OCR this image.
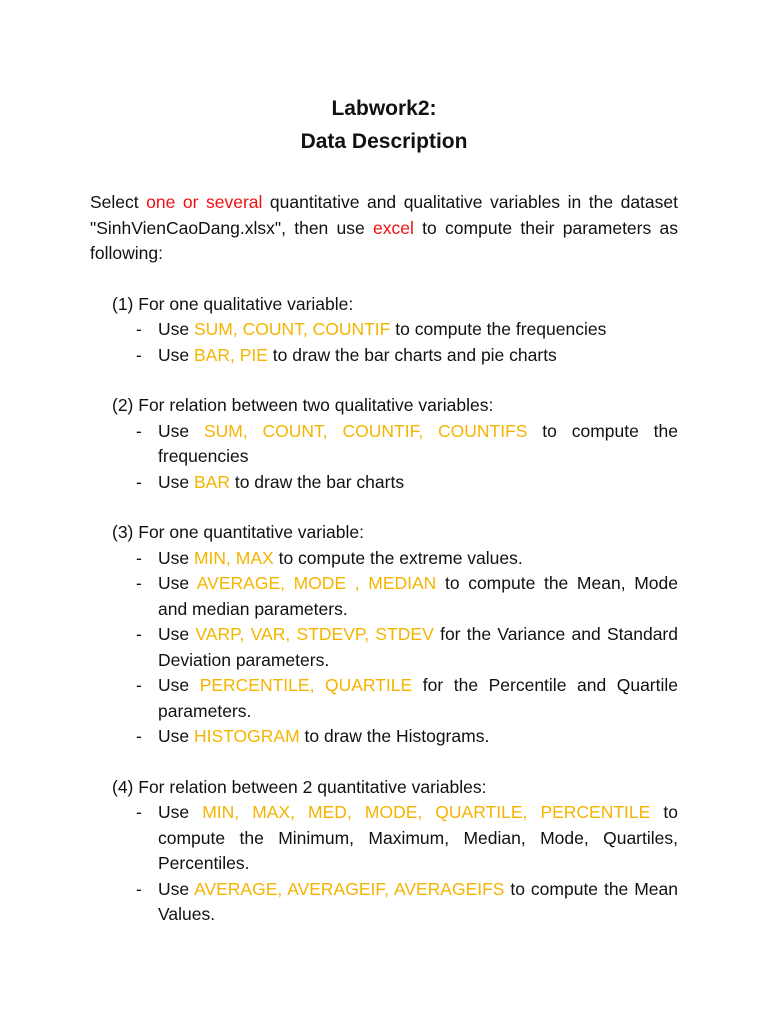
Labwork2:
Data Description

Select one or several quantitative and qualitative variables in the dataset "SinhVienCaoDang.xlsx", then use excel to compute their parameters as following:

(1) For one qualitative variable:
- Use SUM, COUNT, COUNTIF to compute the frequencies
- Use BAR, PIE to draw the bar charts and pie charts
(2) For relation between two qualitative variables:
- Use SUM, COUNT, COUNTIF, COUNTIFS to compute the frequencies
- Use BAR to draw the bar charts
(3) For one quantitative variable:
- Use MIN, MAX to compute the extreme values.
- Use AVERAGE, MODE , MEDIAN to compute the Mean, Mode and median parameters.
- Use VARP, VAR, STDEVP, STDEV for the Variance and Standard Deviation parameters.
- Use PERCENTILE, QUARTILE for the Percentile and Quartile parameters.
- Use HISTOGRAM to draw the Histograms.
(4) For relation between 2 quantitative variables:
- Use MIN, MAX, MED, MODE, QUARTILE, PERCENTILE to compute the Minimum, Maximum, Median, Mode, Quartiles, Percentiles.
- Use AVERAGE, AVERAGEIF, AVERAGEIFS to compute the Mean Values.
